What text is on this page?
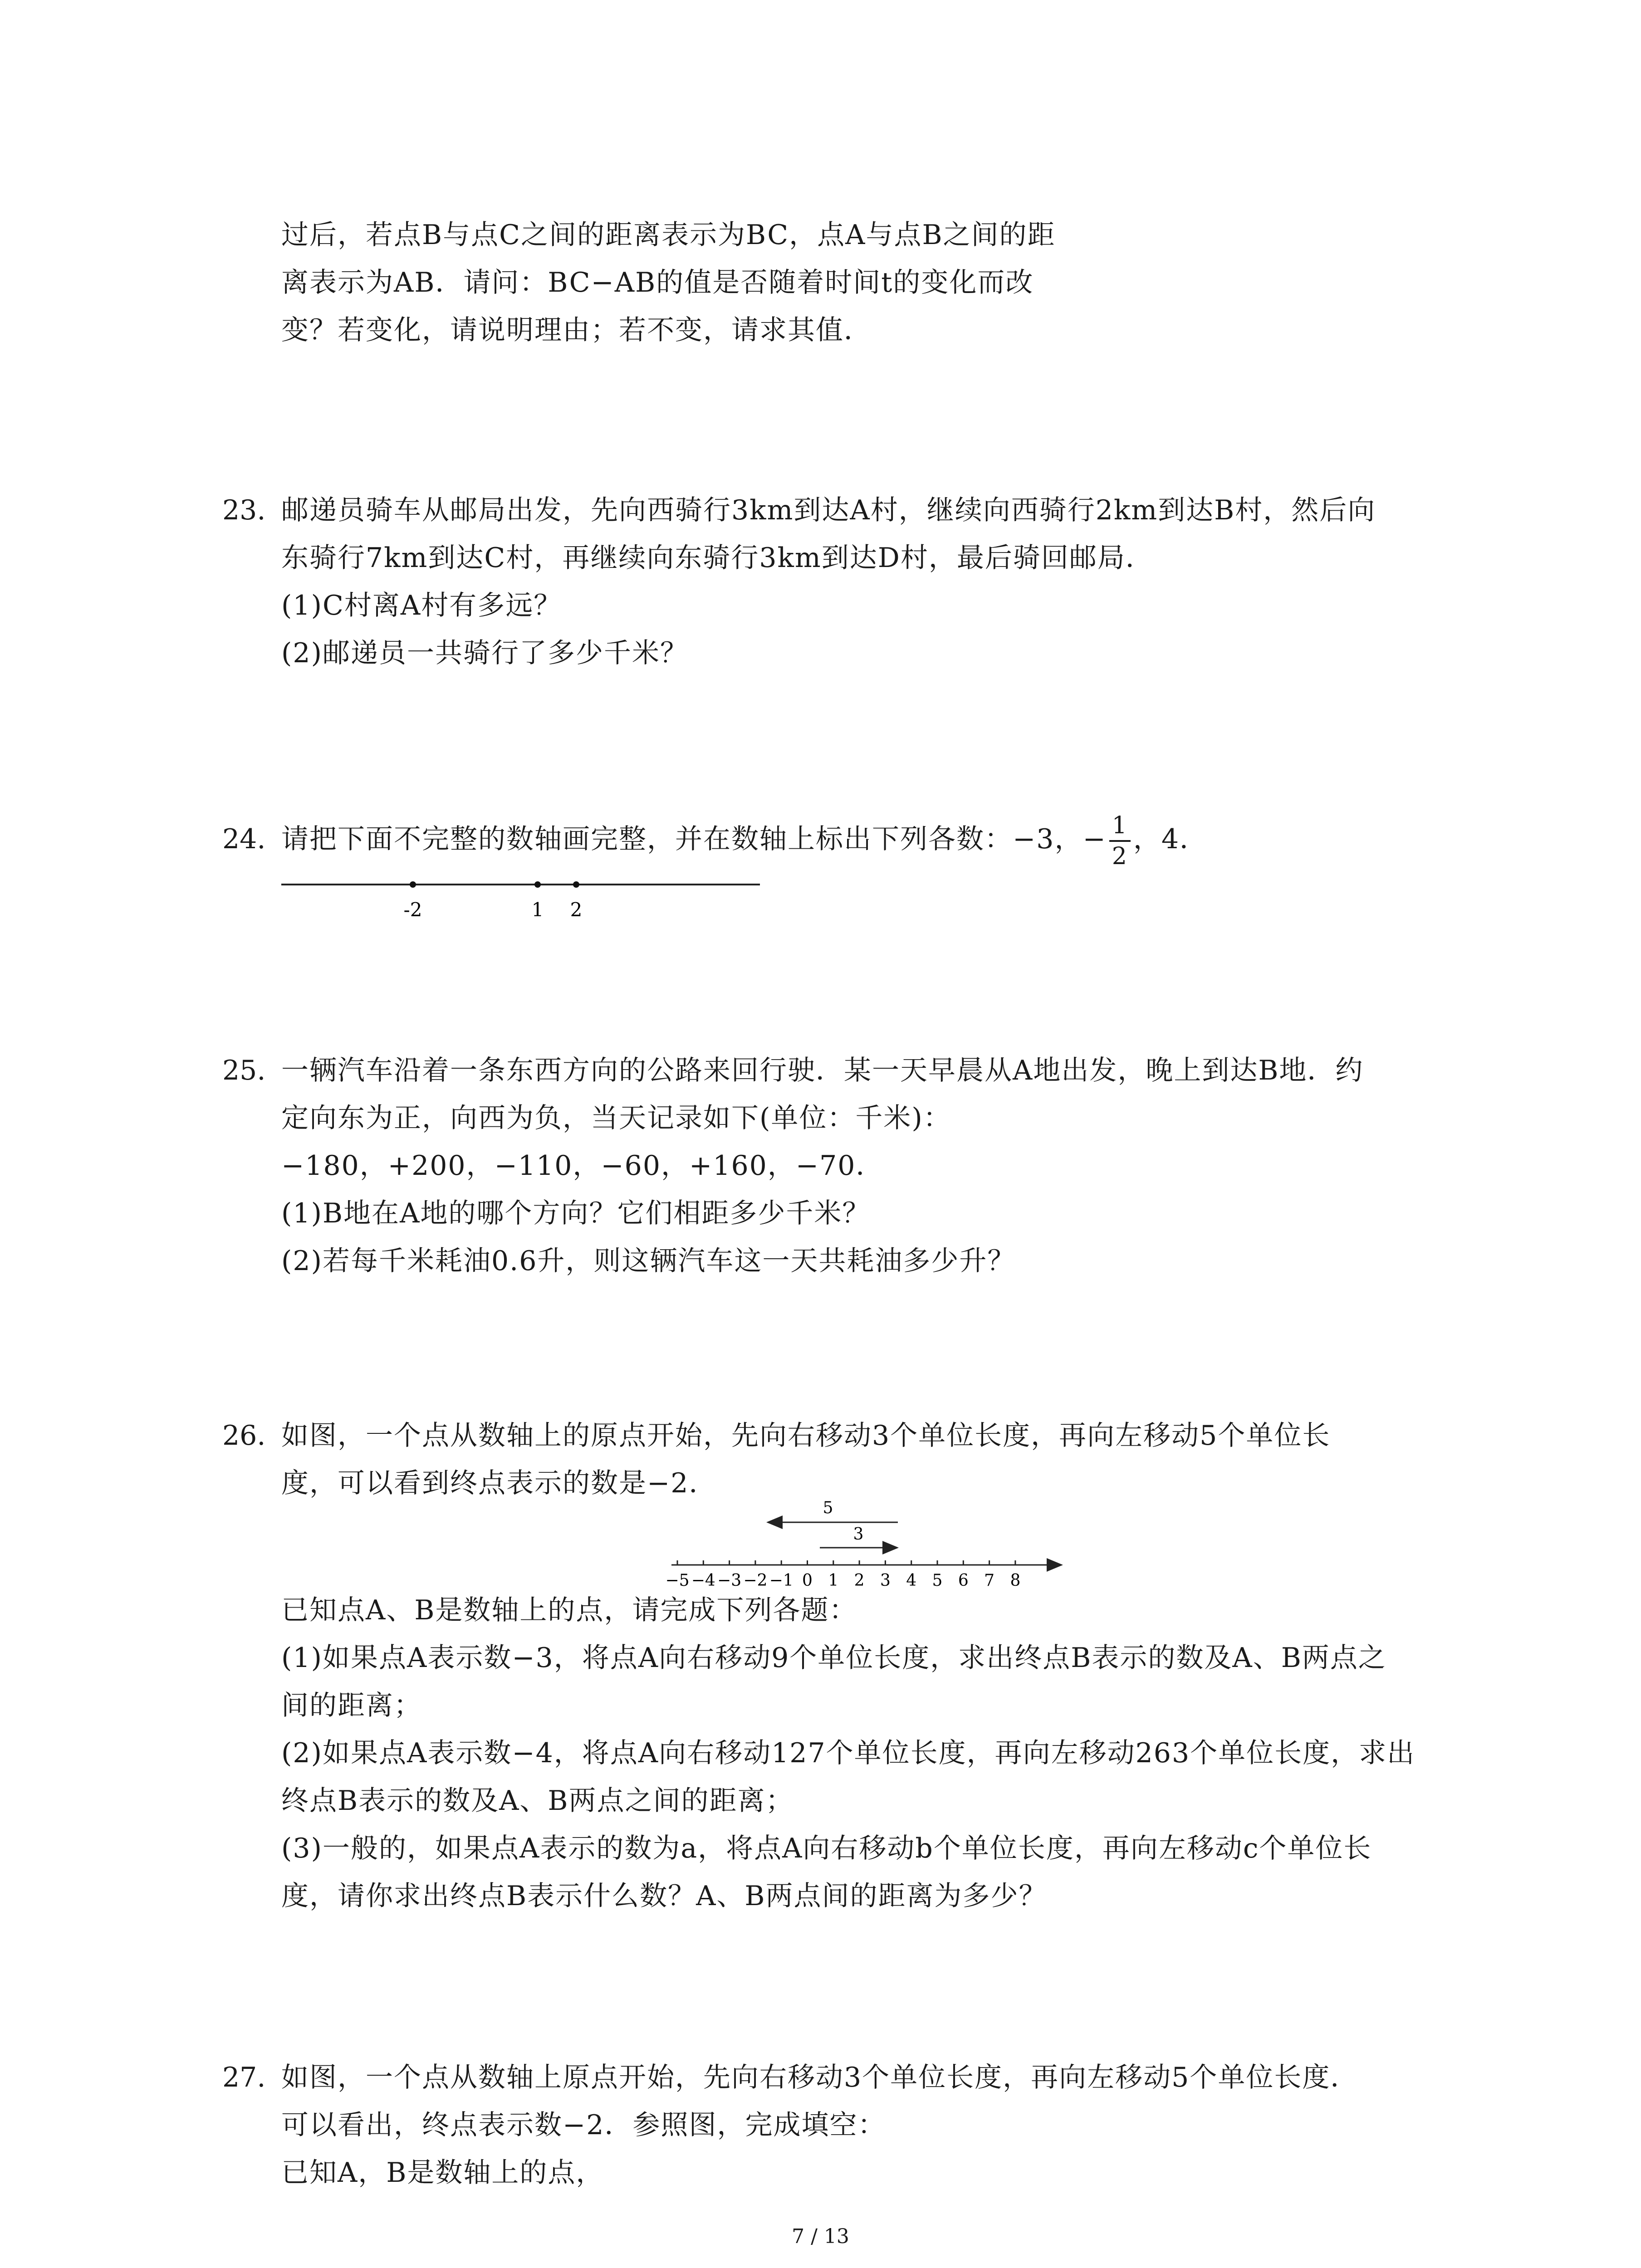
过后，若点B与点C之间的距离表示为BC，点A与点B之间的距
离表示为AB．请问：BC−AB的值是否随着时间t的变化而改
变？若变化，请说明理由；若不变，请求其值．
23. 邮递员骑车从邮局出发，先向西骑行3km到达A村，继续向西骑行2km到达B村，然后向
东骑行7km到达C村，再继续向东骑行3km到达D村，最后骑回邮局．
(1)C村离A村有多远？
(2)邮递员一共骑行了多少千米？
24. 请把下面不完整的数轴画完整，并在数轴上标出下列各数：−3，− $\frac{1}{2}$ ，4．
-2	1 2
25. 一辆汽车沿着一条东西方向的公路来回行驶．某一天早晨从A地出发，晚上到达B地．约
定向东为正，向西为负，当天记录如下(单位：千米)：
−180，+200，−110，−60，+160，−70．
(1)B地在A地的哪个方向？它们相距多少千米？
(2)若每千米耗油0.6升，则这辆汽车这一天共耗油多少升？
26. 如图，一个点从数轴上的原点开始，先向右移动3个单位长度，再向左移动5个单位长
度，可以看到终点表示的数是−2．
5
3
−5 −4 −3 −2 −1 0 1 2 3 4 5 6 7 8
已知点A、B是数轴上的点，请完成下列各题：
(1)如果点A表示数−3，将点A向右移动9个单位长度，求出终点B表示的数及A、B两点之
间的距离；
(2)如果点A表示数−4，将点A向右移动127个单位长度，再向左移动263个单位长度，求出
终点B表示的数及A、B两点之间的距离；
(3)一般的，如果点A表示的数为a，将点A向右移动b个单位长度，再向左移动c个单位长
度，请你求出终点B表示什么数？A、B两点间的距离为多少？
27. 如图，一个点从数轴上原点开始，先向右移动3个单位长度，再向左移动5个单位长度．
可以看出，终点表示数−2．参照图，完成填空：
已知A，B是数轴上的点，
7 / 13
